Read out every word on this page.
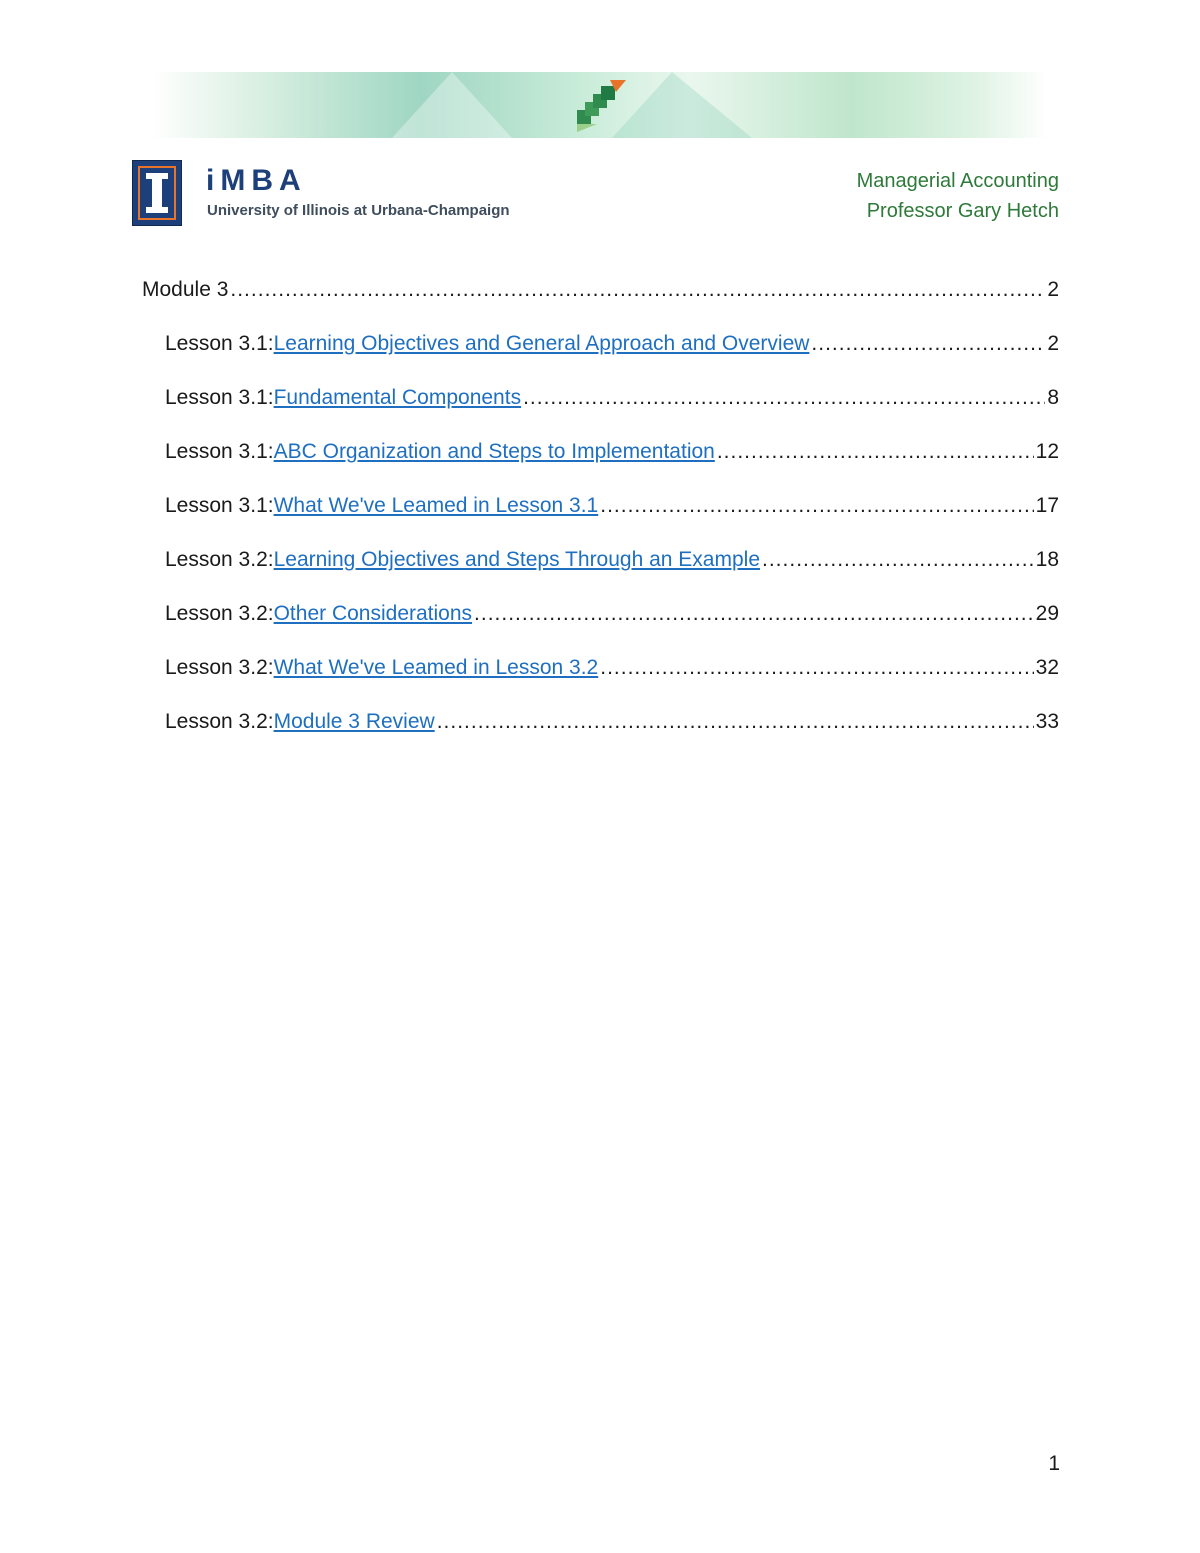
iMBA
University of Illinois at Urbana-Champaign
Managerial Accounting
Professor Gary Hetch
Module 3 .....	2
Lesson 3.1: Learning Objectives and General Approach and Overview .....	2
Lesson 3.1: Fundamental Components .....	8
Lesson 3.1: ABC Organization and Steps to Implementation .....	12
Lesson 3.1: What We've Leamed in Lesson 3.1 .....	17
Lesson 3.2: Learning Objectives and Steps Through an Example .....	18
Lesson 3.2: Other Considerations .....	29
Lesson 3.2: What We've Leamed in Lesson 3.2 .....	32
Lesson 3.2: Module 3 Review .....	33
1
